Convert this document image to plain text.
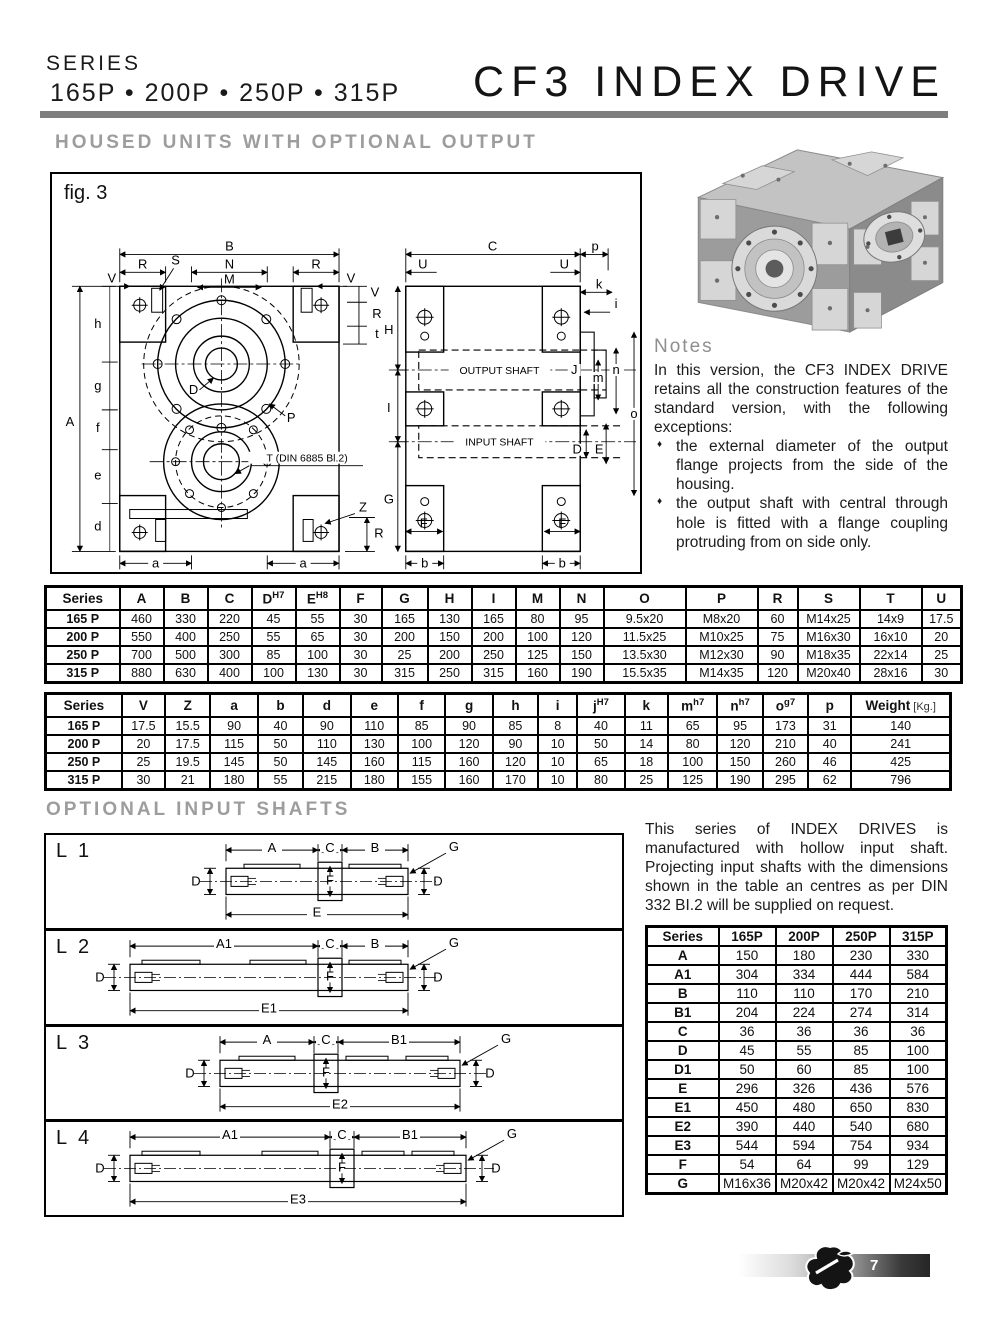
SERIES
165P • 200P • 250P • 315P CF3 INDEX DRIVE
HOUSED UNITS WITH OPTIONAL OUTPUT
fig. 3
B
R	N	R
S
V	M	V
V
R
t
A
h
g
f
e
d
a	a
D
P
T (DIN 6885 Bl.2)
Z
R
C	p
U	U
k
i
H
I
G
OUTPUT SHAFT
INPUT SHAFT
J
m
n
o
D E
F	F
b	b
Notes

In this version, the CF3 INDEX DRIVE retains all the construction features of the standard version, with the following exceptions:

♦ the external diameter of the output flange projects from the side of the housing.
♦ the output shaft with central through hole is fitted with a flange coupling protruding from on side only.
Series	A	B	C	$D^{H7}$	$E^{H8}$	F	G	H	I	M	N	O	P	R	S	T	U
165 P	460	330	220	45	55	30	165	130	165	80	95	9.5x20	M8x20	60	M14x25	14x9	17.5
200 P	550	400	250	55	65	30	200	150	200	100	120	11.5x25	M10x25	75	M16x30	16x10	20
250 P	700	500	300	85	100	30	25	200	250	125	150	13.5x30	M12x30	90	M18x35	22x14	25
315 P	880	630	400	100	130	30	315	250	315	160	190	15.5x35	M14x35	120	M20x40	28x16	30
Series	V	Z	a	b	d	e	f	g	h	i	$j^{H7}$	k	$m^{h7}$	$n^{h7}$	$o^{g7}$	p	Weight [Kg.]
165 P	17.5	15.5	90	40	90	110	85	90	85	8	40	11	65	95	173	31	140
200 P	20	17.5	115	50	110	130	100	120	90	10	50	14	80	120	210	40	241
250 P	25	19.5	145	50	145	160	115	160	120	10	65	18	100	150	260	46	425
315 P	30	21	180	55	215	180	155	160	170	10	80	25	125	190	295	62	796
OPTIONAL INPUT SHAFTS
L 1	A	C	B
E
D	D
F
G
L 2	A1	C	B
E1
D	D
F
G
L 3	A	C	B1
E2
D	D
F
G
L 4	A1	C	B1
E3
D	D
F
G

This series of INDEX DRIVES is manufactured with hollow input shaft. Projecting input shafts with the dimensions shown in the table an centres as per DIN 332 BI.2 will be supplied on request.

Series	165P	200P	250P	315P
A	150	180	230	330
A1	304	334	444	584
B	110	110	170	210
B1	204	224	274	314
C	36	36	36	36
D	45	55	85	100
D1	50	60	85	100
E	296	326	436	576
E1	450	480	650	830
E2	390	440	540	680
E3	544	594	754	934
F	54	64	99	129
G	M16x36	M20x42	M20x42	M24x50
7
